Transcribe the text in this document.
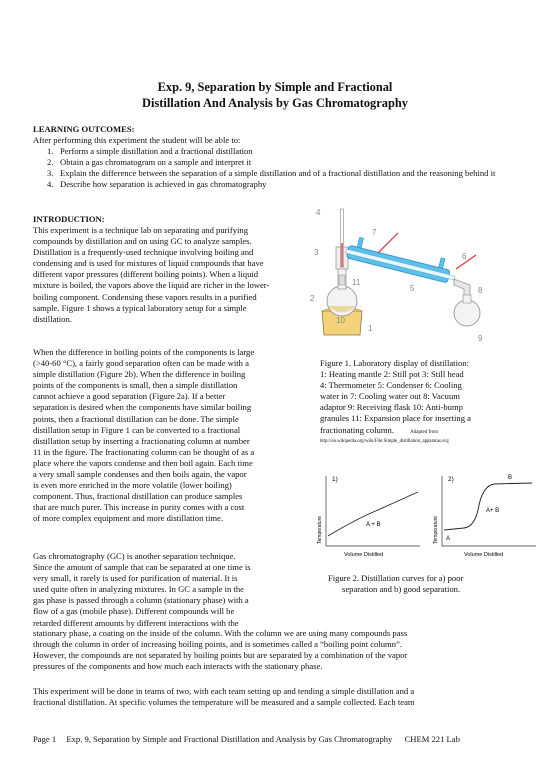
Exp. 9, Separation by Simple and Fractional
Distillation And Analysis by Gas Chromatography
LEARNING OUTCOMES:
After performing this experiment the student will be able to:
1. Perform a simple distillation and a fractional distillation
2. Obtain a gas chromatogram on a sample and interpret it
3. Explain the difference between the separation of a simple distillation and of a fractional distillation and the reasoning behind it
4. Describe how separation is achieved in gas chromatography
INTRODUCTION:
This experiment is a technique lab on separating and purifying
compounds by distillation and on using GC to analyze samples.
Distillation is a frequently-used technique involving boiling and
condensing and is used for mixtures of liquid compounds that have
different vapor pressures (different boiling points). When a liquid
mixture is boiled, the vapors above the liquid are richer in the lower-
boiling component. Condensing these vapors results in a purified
sample. Figure 1 shows a typical laboratory setup for a simple
distillation.
When the difference in boiling points of the components is large
(>40-60 °C), a fairly good separation often can be made with a
simple distillation (Figure 2b). When the difference in boiling
points of the components is small, then a simple distillation
cannot achieve a good separation (Figure 2a). If a better
separation is desired when the components have similar boiling
points, then a fractional distillation can be done. The simple
distillation setup in Figure 1 can be converted to a fractional
distillation setup by inserting a fractionating column at number
11 in the figure. The fractionating column can be thought of as a
place where the vapors condense and then boil again. Each time
a very small sample condenses and then boils again, the vapor
is even more enriched in the more volatile (lower boiling)
component. Thus, fractional distillation can produce samples
that are much purer. This increase in purity comes with a cost
of more complex equipment and more distillation time.
Gas chromatography (GC) is another separation technique.
Since the amount of sample that can be separated at one time is
very small, it rarely is used for purification of material. It is
used quite often in analyzing mixtures. In GC a sample in the
gas phase is passed through a column (stationary phase) with a
flow of a gas (mobile phase). Different compounds will be
retarded different amounts by different interactions with the
stationary phase, a coating on the inside of the column. With the column we are using many compounds pass
through the column in order of increasing boiling points, and is sometimes called a “boiling point column”.
However, the compounds are not separated by boiling points but are separated by a combination of the vapor
pressures of the components and how much each interacts with the stationary phase.
This experiment will be done in teams of two, with each team setting up and tending a simple distillation and a
fractional distillation. At specific volumes the temperature will be measured and a sample collected. Each team
1
2
3
4
5
6
7
8
9
10
11
Figure 1. Laboratory display of distillation:
1: Heating mantle 2: Still pot 3: Still head
4: Thermometer 5: Condenser 6: Cooling
water in 7: Cooling water out 8: Vacuum
adaptor 9: Receiving flask 10: Anti-bump
granules 11: Expansion place for inserting a
fractionating column.	Adapted from
http://en.wikipedia.org/wiki/File:Simple_distillation_apparatus.svg
1)
A + B
Temperature
Volume Distilled
2)	B
A+ B
A
Temperature
Volume Distilled
Figure 2. Distillation curves for a) poor
separation and b) good separation.
Page 1 Exp. 9, Separation by Simple and Fractional Distillation and Analysis by Gas Chromatography CHEM 221 Lab
